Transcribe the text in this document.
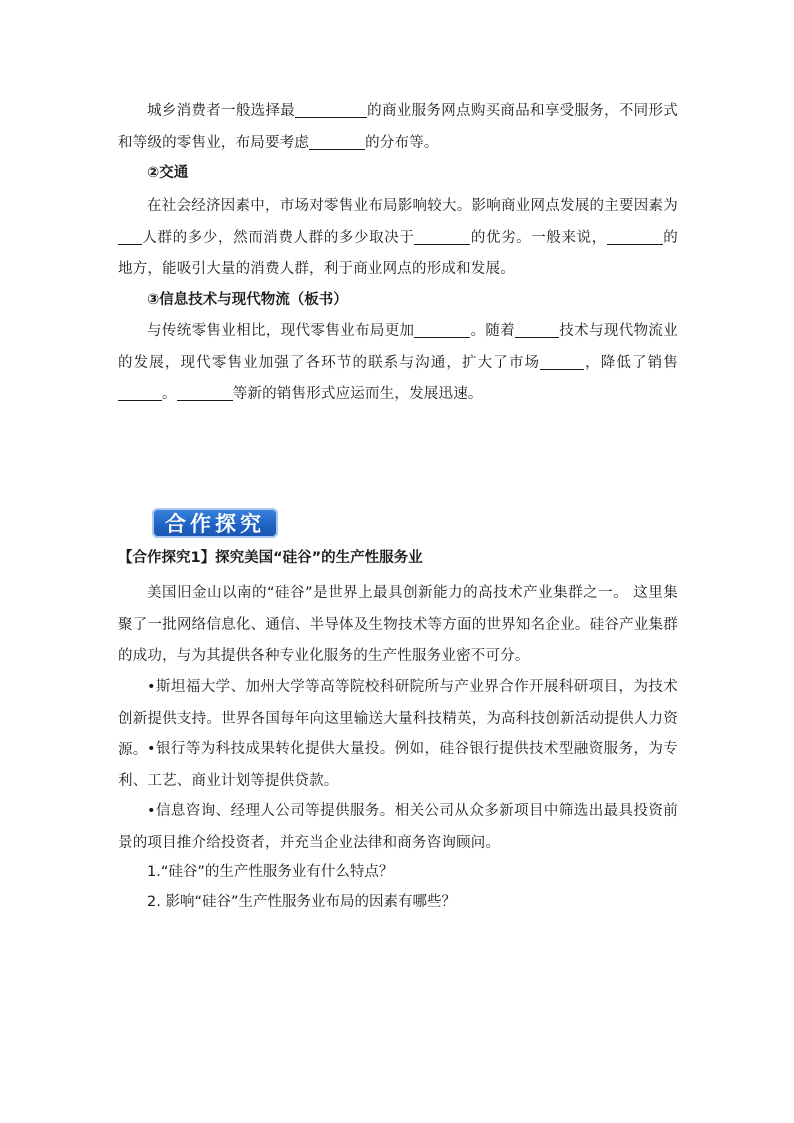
城乡消费者一般选择最	的商业服务网点购买商品和享受服务，不同形式和等级的零售业，布局要考虑	的分布等。
②交通
在社会经济因素中，市场对零售业布局影响较大。影响商业网点发展的主要因素为人群的多少，然而消费人群的多少取决于	的优劣。一般来说，	的地方，能吸引大量的消费人群，利于商业网点的形成和发展。
③信息技术与现代物流（板书）
与传统零售业相比，现代零售业布局更加	。随着	技术与现代物流业的发展，现代零售业加强了各环节的联系与沟通，扩大了市场	，降低了销售。	等新的销售形式应运而生，发展迅速。
合作探究
【合作探究1】探究美国“硅谷”的生产性服务业
美国旧金山以南的“硅谷”是世界上最具创新能力的高技术产业集群之一。 这里集聚了一批网络信息化、通信、半导体及生物技术等方面的世界知名企业。硅谷产业集群的成功，与为其提供各种专业化服务的生产性服务业密不可分。
•斯坦福大学、加州大学等高等院校科研院所与产业界合作开展科研项目，为技术创新提供支持。世界各国每年向这里输送大量科技精英，为高科技创新活动提供人力资源。 •银行等为科技成果转化提供大量投。例如，硅谷银行提供技术型融资服务，为专利、工艺、商业计划等提供贷款。
•信息咨询、经理人公司等提供服务。相关公司从众多新项目中筛选出最具投资前景的项目推介给投资者，并充当企业法律和商务咨询顾问。
1.“硅谷”的生产性服务业有什么特点？
2. 影响“硅谷”生产性服务业布局的因素有哪些？
